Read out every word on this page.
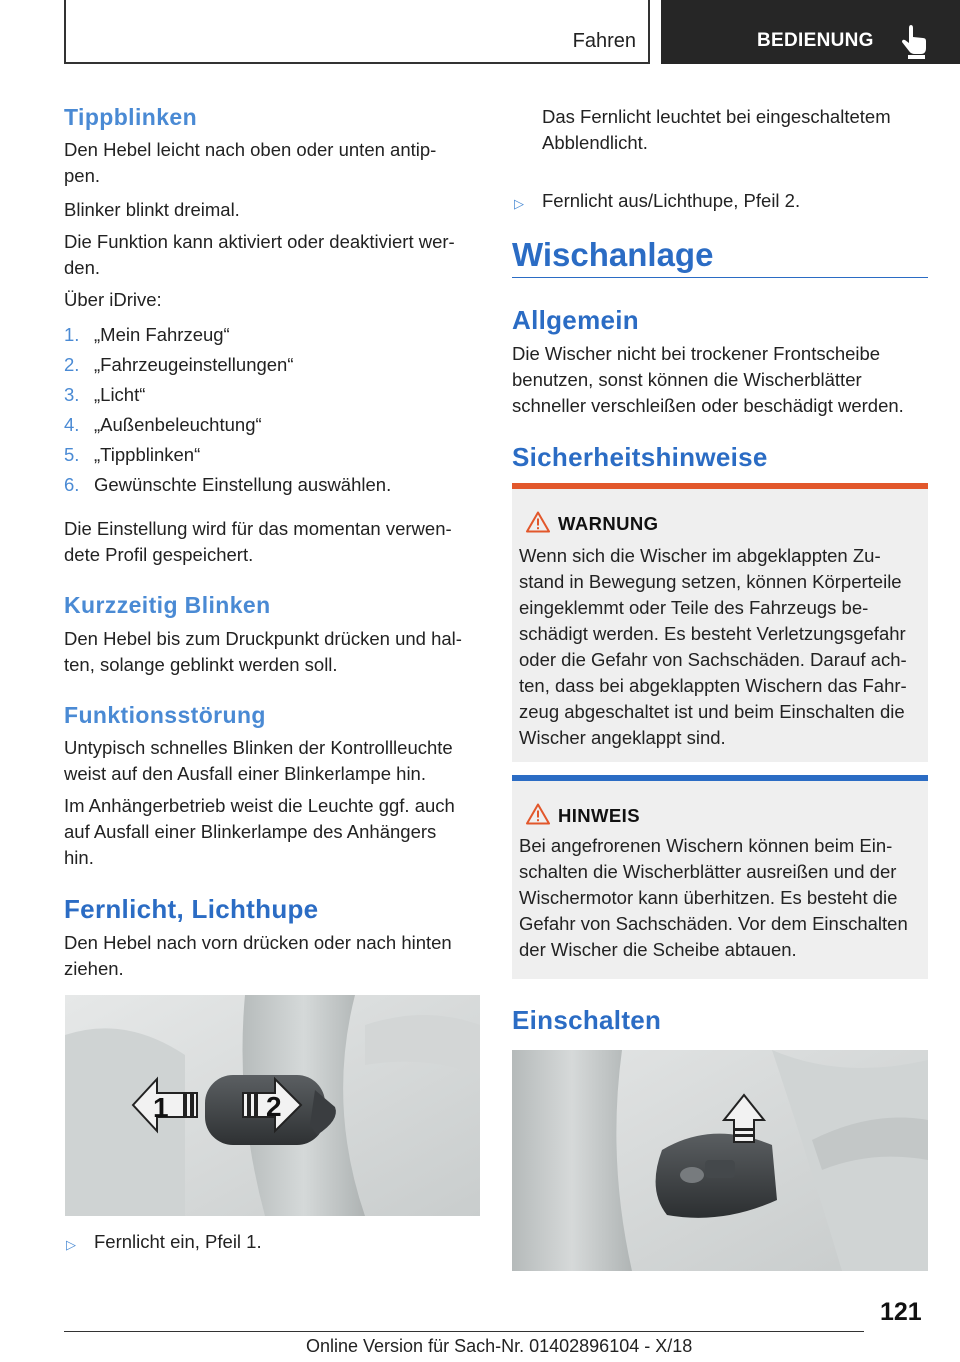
Fahren	BEDIENUNG
Tippblinken
Den Hebel leicht nach oben oder unten antip-
pen.
Blinker blinkt dreimal.
Die Funktion kann aktiviert oder deaktiviert wer-
den.
Über iDrive:
1. „Mein Fahrzeug“
2. „Fahrzeugeinstellungen“
3. „Licht“
4. „Außenbeleuchtung“
5. „Tippblinken“
6. Gewünschte Einstellung auswählen.
Die Einstellung wird für das momentan verwen-
dete Profil gespeichert.
Kurzzeitig Blinken
Den Hebel bis zum Druckpunkt drücken und hal-
ten, solange geblinkt werden soll.
Funktionsstörung
Untypisch schnelles Blinken der Kontrollleuchte
weist auf den Ausfall einer Blinkerlampe hin.
Im Anhängerbetrieb weist die Leuchte ggf. auch
auf Ausfall einer Blinkerlampe des Anhängers
hin.
Fernlicht, Lichthupe
Den Hebel nach vorn drücken oder nach hinten
ziehen.
1	2
▷ Fernlicht ein, Pfeil 1.
Das Fernlicht leuchtet bei eingeschaltetem
Abblendlicht.
▷ Fernlicht aus/Lichthupe, Pfeil 2.
Wischanlage
Allgemein
Die Wischer nicht bei trockener Frontscheibe
benutzen, sonst können die Wischerblätter
schneller verschleißen oder beschädigt werden.
Sicherheitshinweise
WARNUNG
Wenn sich die Wischer im abgeklappten Zu-
stand in Bewegung setzen, können Körperteile
eingeklemmt oder Teile des Fahrzeugs be-
schädigt werden. Es besteht Verletzungsgefahr
oder die Gefahr von Sachschäden. Darauf ach-
ten, dass bei abgeklappten Wischern das Fahr-
zeug abgeschaltet ist und beim Einschalten die
Wischer angeklappt sind.
HINWEIS
Bei angefrorenen Wischern können beim Ein-
schalten die Wischerblätter ausreißen und der
Wischermotor kann überhitzen. Es besteht die
Gefahr von Sachschäden. Vor dem Einschalten
der Wischer die Scheibe abtauen.
Einschalten
121
Online Version für Sach-Nr. 01402896104 - X/18
